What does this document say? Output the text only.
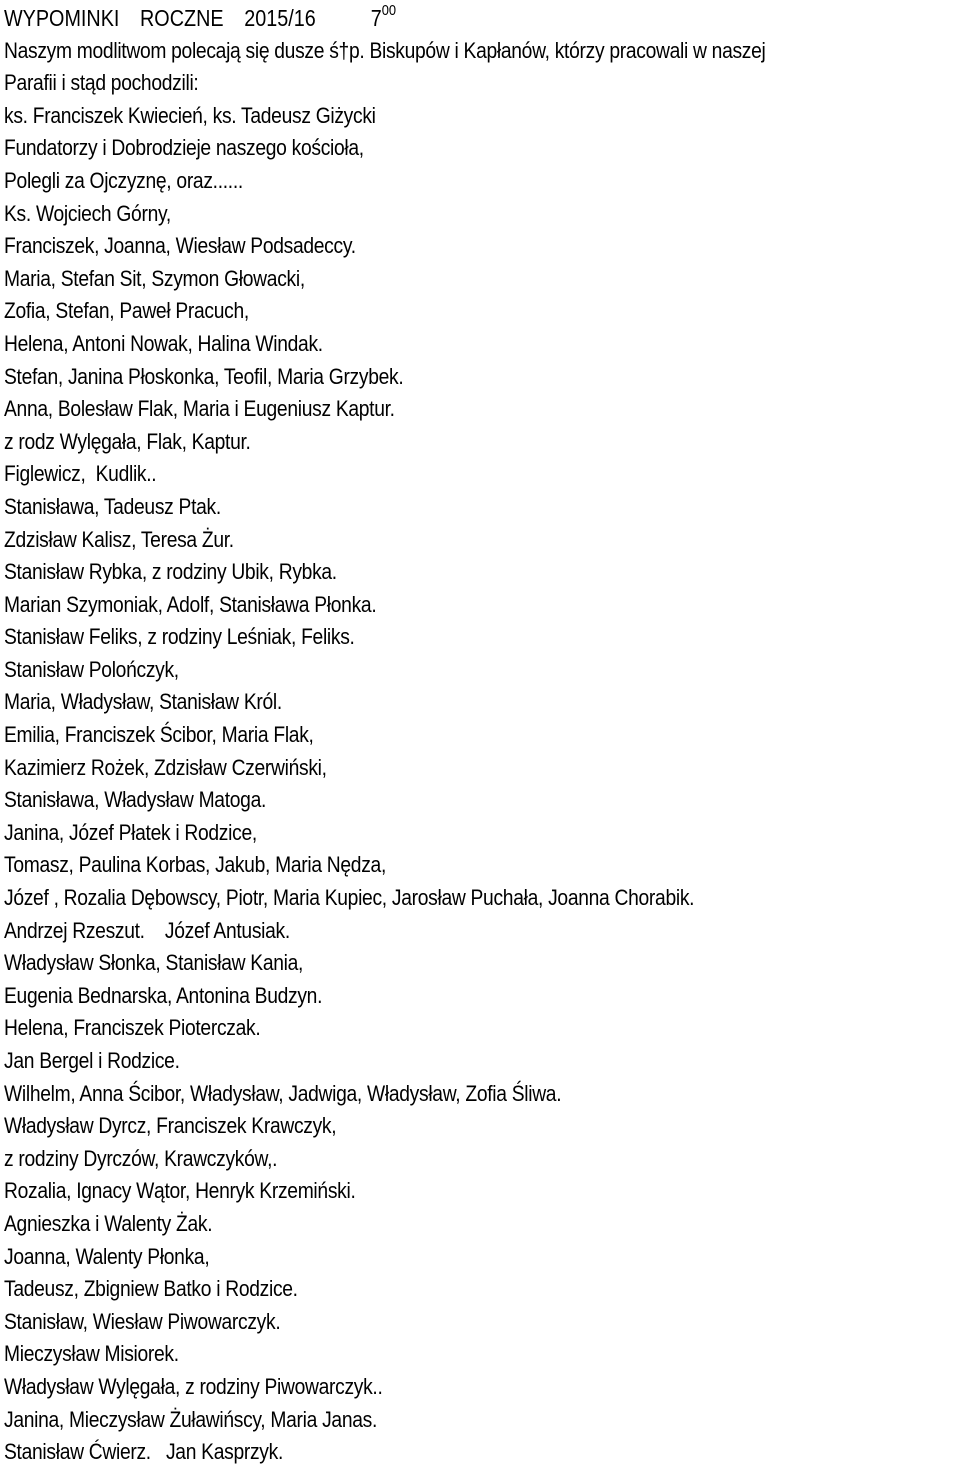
WYPOMINKI ROCZNE 2015/16 $7^{00}$
Naszym modlitwom polecają się dusze ś†p. Biskupów i Kapłanów, którzy pracowali w naszej
Parafii i stąd pochodzili:
ks. Franciszek Kwiecień, ks. Tadeusz Giżycki
Fundatorzy i Dobrodzieje naszego kościoła,
Polegli za Ojczyznę, oraz......
Ks. Wojciech Górny,
Franciszek, Joanna, Wiesław Podsadeccy.
Maria, Stefan Sit, Szymon Głowacki,
Zofia, Stefan, Paweł Pracuch,
Helena, Antoni Nowak, Halina Windak.
Stefan, Janina Płoskonka, Teofil, Maria Grzybek.
Anna, Bolesław Flak, Maria i Eugeniusz Kaptur.
z rodz Wylęgała, Flak, Kaptur.
Figlewicz,  Kudlik..
Stanisława, Tadeusz Ptak.
Zdzisław Kalisz, Teresa Żur.
Stanisław Rybka, z rodziny Ubik, Rybka.
Marian Szymoniak, Adolf, Stanisława Płonka.
Stanisław Feliks, z rodziny Leśniak, Feliks.
Stanisław Polończyk,
Maria, Władysław, Stanisław Król.
Emilia, Franciszek Ścibor, Maria Flak,
Kazimierz Rożek, Zdzisław Czerwiński,
Stanisława, Władysław Matoga.
Janina, Józef Płatek i Rodzice,
Tomasz, Paulina Korbas, Jakub, Maria Nędza,
Józef , Rozalia Dębowscy, Piotr, Maria Kupiec, Jarosław Puchała, Joanna Chorabik.
Andrzej Rzeszut.    Józef Antusiak.
Władysław Słonka, Stanisław Kania,
Eugenia Bednarska, Antonina Budzyn.
Helena, Franciszek Pioterczak.
Jan Bergel i Rodzice.
Wilhelm, Anna Ścibor, Władysław, Jadwiga, Władysław, Zofia Śliwa.
Władysław Dyrcz, Franciszek Krawczyk,
z rodziny Dyrczów, Krawczyków,.
Rozalia, Ignacy Wątor, Henryk Krzemiński.
Agnieszka i Walenty Żak.
Joanna, Walenty Płonka,
Tadeusz, Zbigniew Batko i Rodzice.
Stanisław, Wiesław Piwowarczyk.
Mieczysław Misiorek.
Władysław Wylęgała, z rodziny Piwowarczyk..
Janina, Mieczysław Żuławińscy, Maria Janas.
Stanisław Ćwierz.   Jan Kasprzyk.
